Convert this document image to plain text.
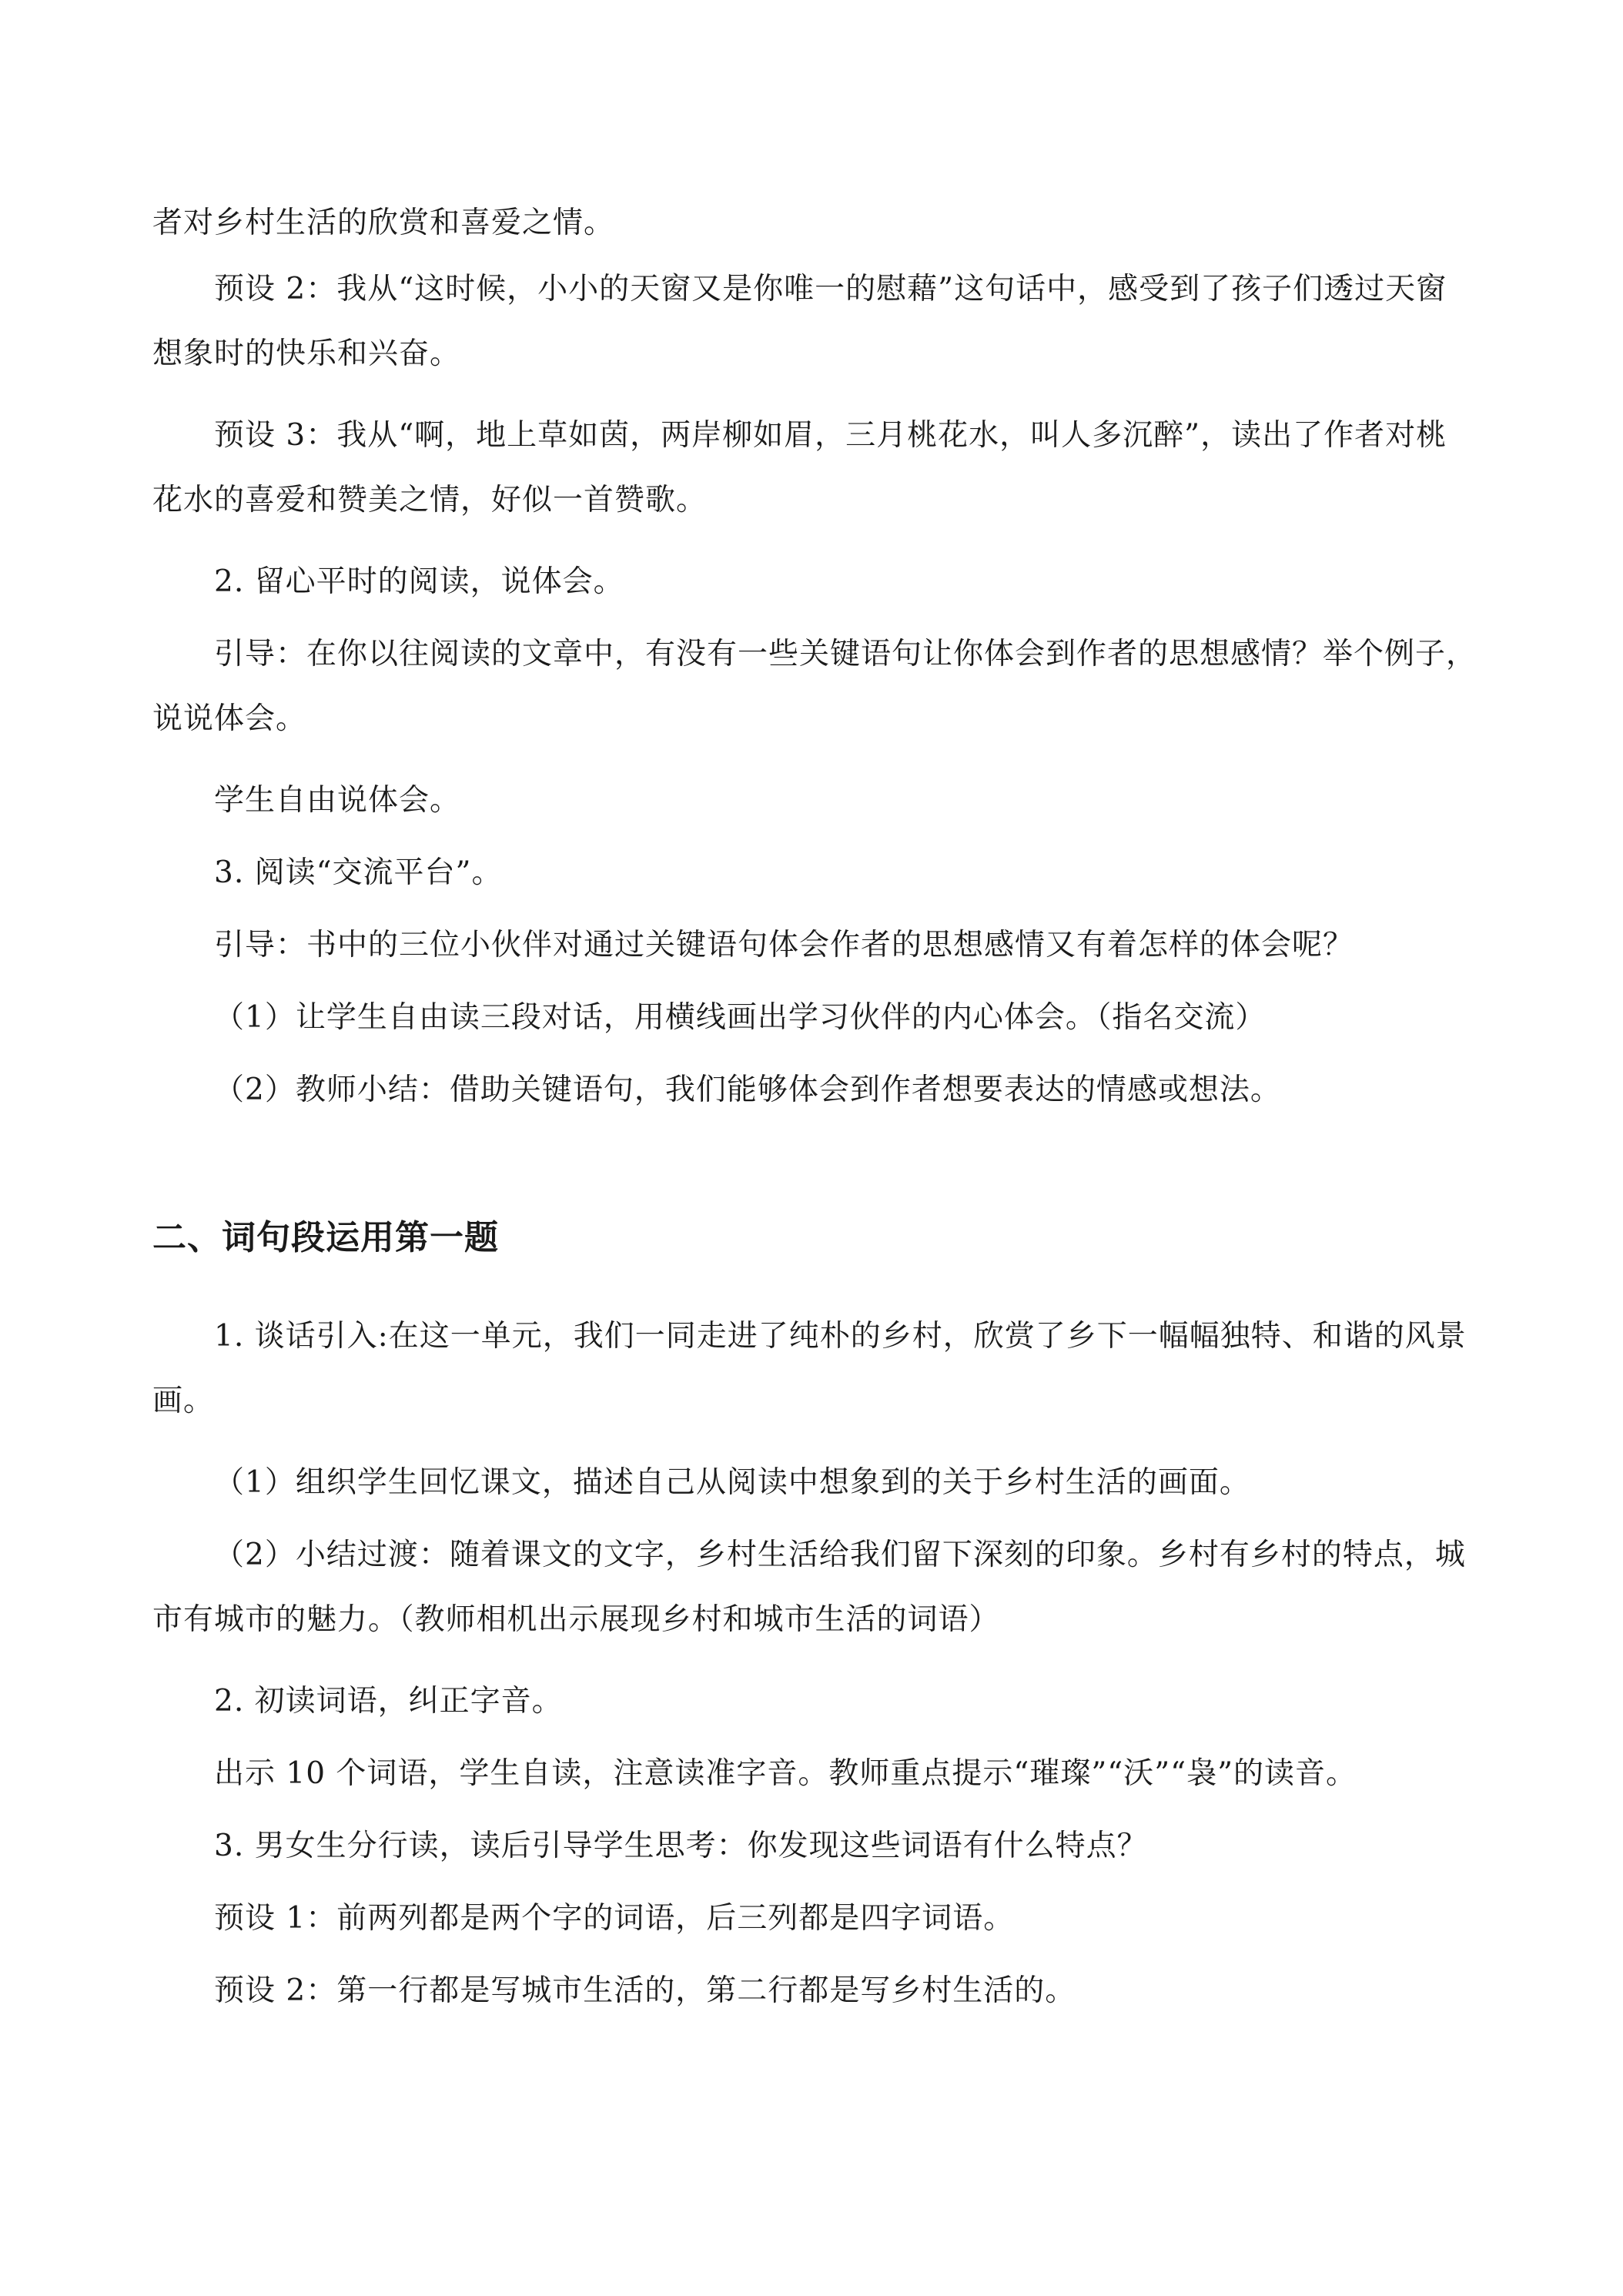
者对乡村生活的欣赏和喜爱之情。

预设 2：我从“这时候，小小的天窗又是你唯一的慰藉”这句话中，感受到了孩子们透过天窗想象时的快乐和兴奋。

预设 3：我从“啊，地上草如茵，两岸柳如眉，三月桃花水，叫人多沉醉”，读出了作者对桃花水的喜爱和赞美之情，好似一首赞歌。

2. 留心平时的阅读，说体会。

引导：在你以往阅读的文章中，有没有一些关键语句让你体会到作者的思想感情？举个例子，说说体会。

学生自由说体会。

3. 阅读“交流平台”。

引导：书中的三位小伙伴对通过关键语句体会作者的思想感情又有着怎样的体会呢？

（1）让学生自由读三段对话，用横线画出学习伙伴的内心体会。（指名交流）

（2）教师小结：借助关键语句，我们能够体会到作者想要表达的情感或想法。

二、词句段运用第一题

1. 谈话引入:在这一单元，我们一同走进了纯朴的乡村，欣赏了乡下一幅幅独特、和谐的风景画。

（1）组织学生回忆课文，描述自己从阅读中想象到的关于乡村生活的画面。

（2）小结过渡：随着课文的文字，乡村生活给我们留下深刻的印象。乡村有乡村的特点，城市有城市的魅力。（教师相机出示展现乡村和城市生活的词语）

2. 初读词语，纠正字音。

出示 10 个词语，学生自读，注意读准字音。教师重点提示“璀璨”“沃”“袅”的读音。

3. 男女生分行读，读后引导学生思考：你发现这些词语有什么特点？

预设 1：前两列都是两个字的词语，后三列都是四字词语。

预设 2：第一行都是写城市生活的，第二行都是写乡村生活的。
